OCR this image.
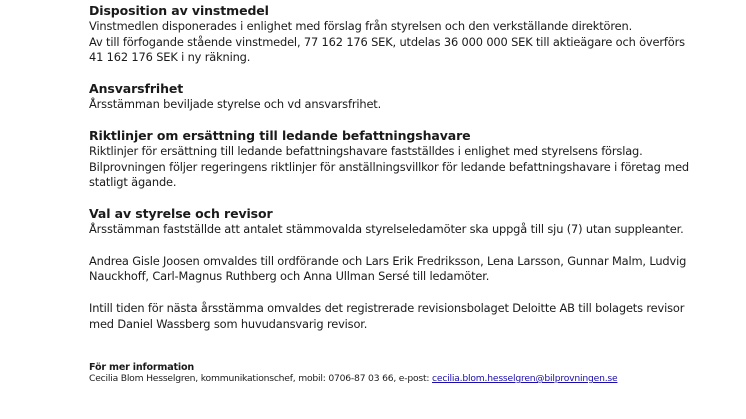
Disposition av vinstmedel

Vinstmedlen disponerades i enlighet med förslag från styrelsen och den verkställande direktören.

Av till förfogande stående vinstmedel, 77 162 176 SEK, utdelas 36 000 000 SEK till aktieägare och överförs 41 162 176 SEK i ny räkning.

Ansvarsfrihet

Årsstämman beviljade styrelse och vd ansvarsfrihet.

Riktlinjer om ersättning till ledande befattningshavare

Riktlinjer för ersättning till ledande befattningshavare fastställdes i enlighet med styrelsens förslag. Bilprovningen följer regeringens riktlinjer för anställningsvillkor för ledande befattningshavare i företag med statligt ägande.

Val av styrelse och revisor

Årsstämman fastställde att antalet stämmovalda styrelseledamöter ska uppgå till sju (7) utan suppleanter.

Andrea Gisle Joosen omvaldes till ordförande och Lars Erik Fredriksson, Lena Larsson, Gunnar Malm, Ludvig Nauckhoff, Carl-Magnus Ruthberg och Anna Ullman Sersé till ledamöter.

Intill tiden för nästa årsstämma omvaldes det registrerade revisionsbolaget Deloitte AB till bolagets revisor med Daniel Wassberg som huvudansvarig revisor.

För mer information

Cecilia Blom Hesselgren, kommunikationschef, mobil: 0706-87 03 66, e-post: cecilia.blom.hesselgren@bilprovningen.se
